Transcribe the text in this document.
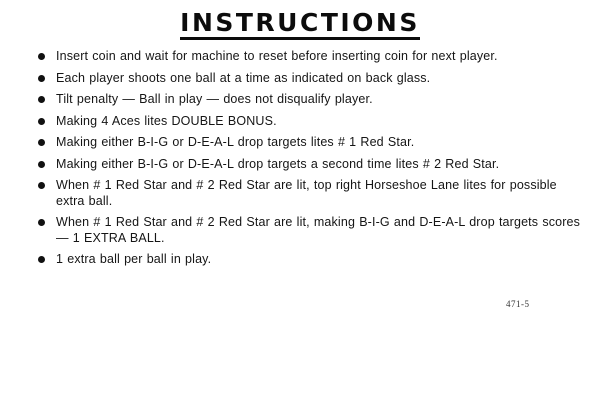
INSTRUCTIONS
Insert coin and wait for machine to reset before inserting coin for next player.
Each player shoots one ball at a time as indicated on back glass.
Tilt penalty — Ball in play — does not disqualify player.
Making 4 Aces lites DOUBLE BONUS.
Making either B-I-G or D-E-A-L drop targets lites # 1 Red Star.
Making either B-I-G or D-E-A-L drop targets a second time lites # 2 Red Star.
When # 1 Red Star and # 2 Red Star are lit, top right Horseshoe Lane lites for possible extra ball.
When # 1 Red Star and # 2 Red Star are lit, making B-I-G and D-E-A-L drop targets scores — 1 EXTRA BALL.
1 extra ball per ball in play.
471-5
